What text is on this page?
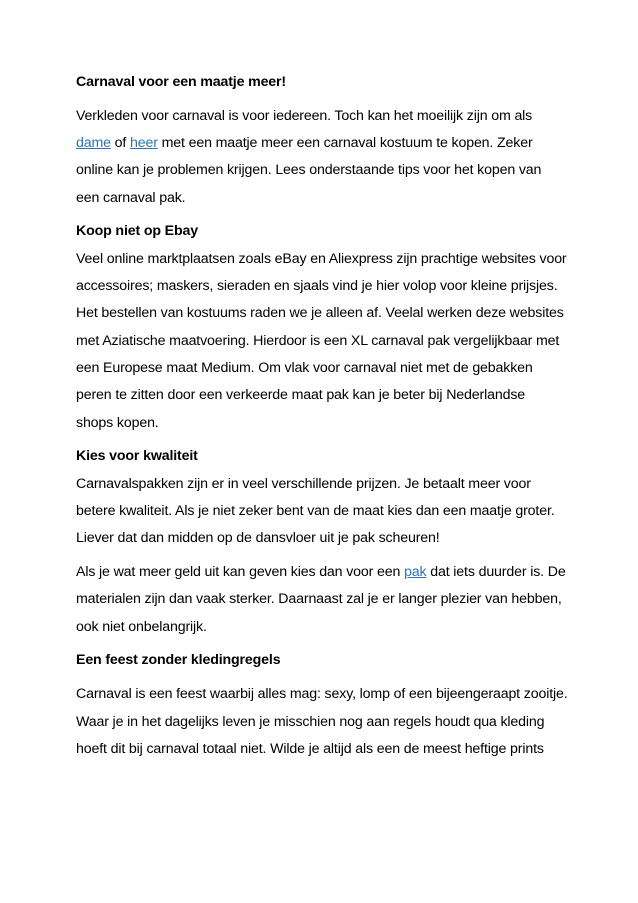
Carnaval voor een maatje meer!
Verkleden voor carnaval is voor iedereen. Toch kan het moeilijk zijn om als
dame of heer met een maatje meer een carnaval kostuum te kopen. Zeker
online kan je problemen krijgen. Lees onderstaande tips voor het kopen van
een carnaval pak.
Koop niet op Ebay
Veel online marktplaatsen zoals eBay en Aliexpress zijn prachtige websites voor
accessoires; maskers, sieraden en sjaals vind je hier volop voor kleine prijsjes.
Het bestellen van kostuums raden we je alleen af. Veelal werken deze websites
met Aziatische maatvoering. Hierdoor is een XL carnaval pak vergelijkbaar met
een Europese maat Medium. Om vlak voor carnaval niet met de gebakken
peren te zitten door een verkeerde maat pak kan je beter bij Nederlandse
shops kopen.
Kies voor kwaliteit
Carnavalspakken zijn er in veel verschillende prijzen. Je betaalt meer voor
betere kwaliteit. Als je niet zeker bent van de maat kies dan een maatje groter.
Liever dat dan midden op de dansvloer uit je pak scheuren!
Als je wat meer geld uit kan geven kies dan voor een pak dat iets duurder is. De
materialen zijn dan vaak sterker. Daarnaast zal je er langer plezier van hebben,
ook niet onbelangrijk.
Een feest zonder kledingregels
Carnaval is een feest waarbij alles mag: sexy, lomp of een bijeengeraapt zooitje.
Waar je in het dagelijks leven je misschien nog aan regels houdt qua kleding
hoeft dit bij carnaval totaal niet. Wilde je altijd als een de meest heftige prints
